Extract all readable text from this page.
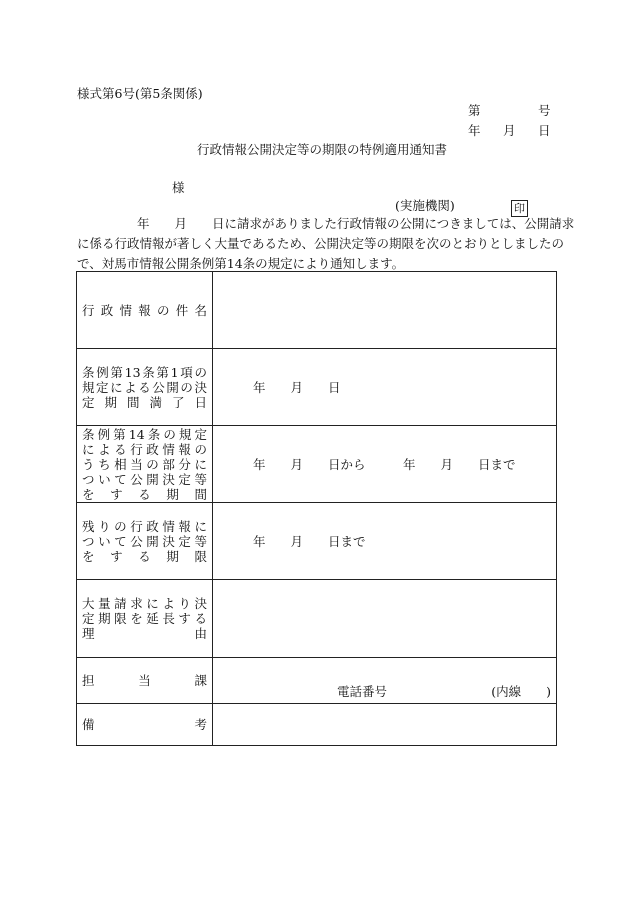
様式第6号(第5条関係)
第	号
年 月 日
行政情報公開決定等の期限の特例適用通知書
様
(実施機関)	印
年　　月　　日に請求がありました行政情報の公開につきましては、公開請求
に係る行政情報が著しく大量であるため、公開決定等の期限を次のとおりとしましたの
で、対馬市情報公開条例第14条の規定により通知します。
行政情報の件名	

条例第13条第1項の
規定による公開の決
定期間満了日	年　　月　　日

条例第14条の規定
による行政情報の
うち相当の部分に
ついて公開決定等
をする期間	年　　月　　日から　　　年　　月　　日まで

残りの行政情報に
ついて公開決定等
をする期限	年　　月　　日まで

大量請求により決
定期限を延長する
理由	

担当課	電話番号 (内線　　)

備考	
